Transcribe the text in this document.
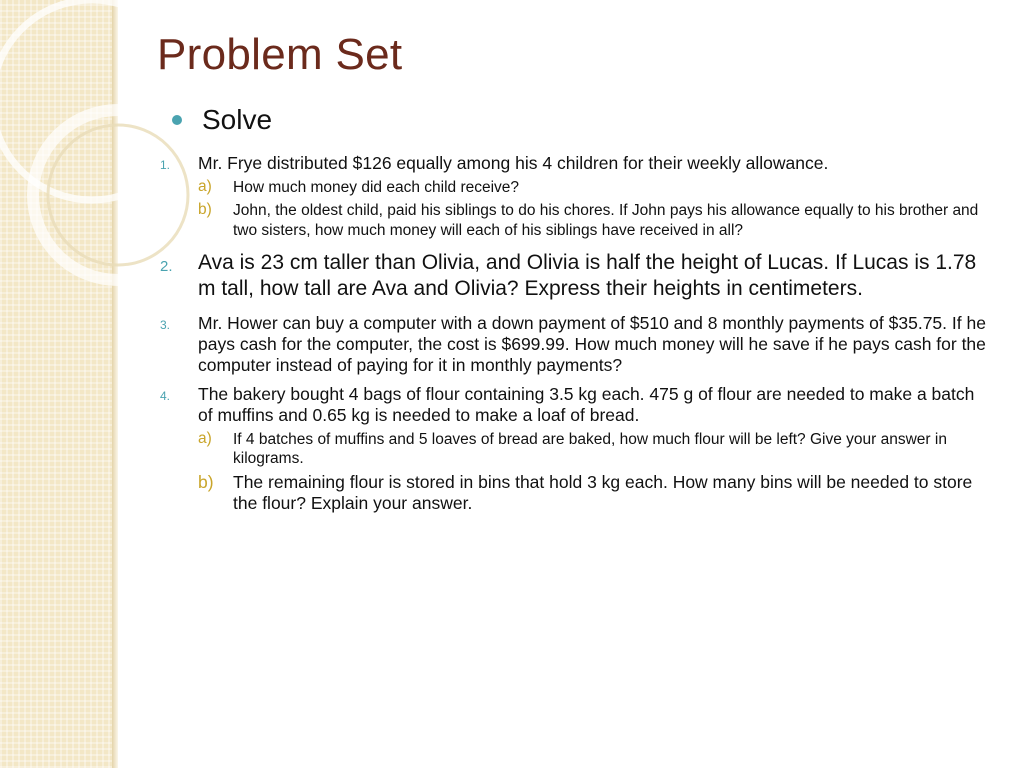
Problem Set
Solve
1.	Mr. Frye distributed $126 equally among his 4 children for their weekly allowance.
a)	How much money did each child receive?
b)	John, the oldest child, paid his siblings to do his chores. If John pays his allowance equally to his brother and two sisters, how much money will each of his siblings have received in all?
2.	Ava is 23 cm taller than Olivia, and Olivia is half the height of Lucas. If Lucas is 1.78 m tall, how tall are Ava and Olivia? Express their heights in centimeters.
3.	Mr. Hower can buy a computer with a down payment of $510 and 8 monthly payments of $35.75. If he pays cash for the computer, the cost is $699.99. How much money will he save if he pays cash for the computer instead of paying for it in monthly payments?
4.	The bakery bought 4 bags of flour containing 3.5 kg each. 475 g of flour are needed to make a batch of muffins and 0.65 kg is needed to make a loaf of bread.
a)	If 4 batches of muffins and 5 loaves of bread are baked, how much flour will be left? Give your answer in kilograms.
b)	The remaining flour is stored in bins that hold 3 kg each. How many bins will be needed to store the flour? Explain your answer.
